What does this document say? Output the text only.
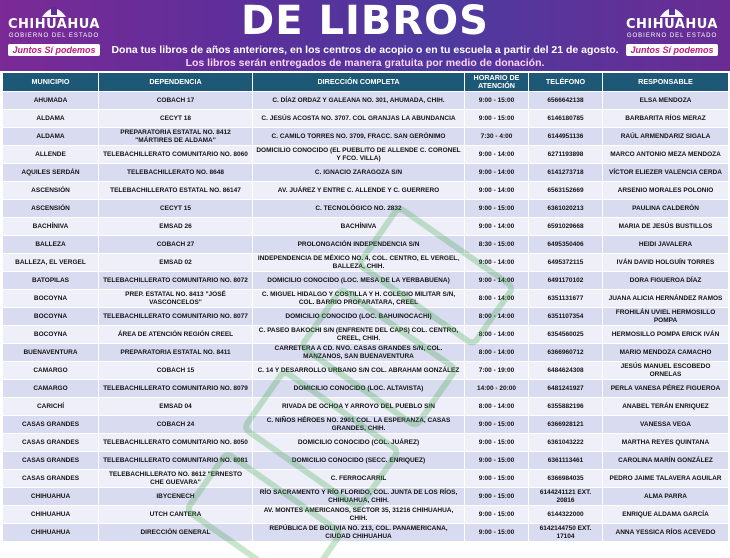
CHIHUAHUA
GOBIERNO DEL ESTADO
Juntos Sí podemos
DE LIBROS
Dona tus libros de años anteriores, en los centros de acopio o en tu escuela a partir del 21 de agosto.
Los libros serán entregados de manera gratuita por medio de donación.
CHIHUAHUA
GOBIERNO DEL ESTADO
Juntos Sí podemos
MUNICIPIO	DEPENDENCIA	DIRECCIÓN COMPLETA	HORARIO DE ATENCIÓN	TELÉFONO	RESPONSABLE
AHUMADA	COBACH 17	C. DÍAZ ORDAZ Y GALEANA NO. 301, AHUMADA, CHIH.	9:00 - 15:00	6566642138	ELSA MENDOZA
ALDAMA	CECYT 18	C. JESÚS ACOSTA NO. 3707. COL GRANJAS LA ABUNDANCIA	9:00 - 15:00	6146180785	BARBARITA RÍOS MERAZ
ALDAMA	PREPARATORIA ESTATAL NO. 8412 "MÁRTIRES DE ALDAMA"	C. CAMILO TORRES NO. 3709, FRACC. SAN GERÓNIMO	7:30 - 4:00	6144951136	RAÚL ARMENDARIZ SIGALA
ALLENDE	TELEBACHILLERATO COMUNITARIO NO. 8060	DOMICILIO CONOCIDO (EL PUEBLITO DE ALLENDE C. CORONEL Y FCO. VILLA)	9:00 - 14:00	6271193898	MARCO ANTONIO MEZA MENDOZA
AQUILES SERDÁN	TELEBACHILLERATO NO. 8648	C. IGNACIO ZARAGOZA S/N	9:00 - 14:00	6141273718	VÍCTOR ELIEZER VALENCIA CERDA
ASCENSIÓN	TELEBACHILLERATO ESTATAL NO. 86147	AV. JUÁREZ Y ENTRE C. ALLENDE Y C. GUERRERO	9:00 - 14:00	6563152669	ARSENIO MORALES POLONIO
ASCENSIÓN	CECYT 15	C. TECNOLÓGICO NO. 2832	9:00 - 15:00	6361020213	PAULINA CALDERÓN
BACHÍNIVA	EMSAD 26	BACHÍNIVA	9:00 - 14:00	6591029668	MARIA DE JESÚS BUSTILLOS
BALLEZA	COBACH 27	PROLONGACIÓN INDEPENDENCIA S/N	8:30 - 15:00	6495350406	HEIDI JAVALERA
BALLEZA, EL VERGEL	EMSAD 02	INDEPENDENCIA DE MÉXICO NO. 4, COL. CENTRO, EL VERGEL, BALLEZA, CHIH.	9:00 - 14:00	6495372115	IVÁN DAVID HOLGUÍN TORRES
BATOPILAS	TELEBACHILLERATO COMUNITARIO NO. 8072	DOMICILIO CONOCIDO (LOC. MESA DE LA YERBABUENA)	9:00 - 14:00	6491170102	DORA FIGUEROA DÍAZ
BOCOYNA	PREP. ESTATAL NO. 8413 "JOSÉ VASCONCELOS"	C. MIGUEL HIDALGO Y COSTILLA Y H. COLEGIO MILITAR S/N, COL. BARRIO PROFARATARA, CREEL	8:00 - 14:00	6351131677	JUANA ALICIA HERNÁNDEZ RAMOS
BOCOYNA	TELEBACHILLERATO COMUNITARIO NO. 8077	DOMICILIO CONOCIDO (LOC. BAHUINOCACHI)	8:00 - 14:00	6351107354	FROHILÁN UVIEL HERMOSILLO POMPA
BOCOYNA	ÁREA DE ATENCIÓN REGIÓN CREEL	C. PASEO BAKOCHI S/N (ENFRENTE DEL CAPS) COL. CENTRO, CREEL, CHIH.	8:00 - 14:00	6354560025	HERMOSILLO POMPA ERICK IVÁN
BUENAVENTURA	PREPARATORIA ESTATAL NO. 8411	CARRETERA A CD. NVO. CASAS GRANDES S/N, COL. MANZANOS, SAN BUENAVENTURA	8:00 - 14:00	6366960712	MARIO MENDOZA CAMACHO
CAMARGO	COBACH 15	C. 14 Y DESARROLLO URBANO S/N COL. ABRAHAM GONZÁLEZ	7:00 - 19:00	6484624308	JESÚS MANUEL ESCOBEDO ORNELAS
CAMARGO	TELEBACHILLERATO COMUNITARIO NO. 8079	DOMICILIO CONOCIDO (LOC. ALTAVISTA)	14:00 - 20:00	6481241927	PERLA VANESA PÉREZ FIGUEROA
CARICHÍ	EMSAD 04	RIVADA DE OCHOA Y ARROYO DEL PUEBLO S/N	8:00 - 14:00	6355882196	ANABEL TERÁN ENRIQUEZ
CASAS GRANDES	COBACH 24	C. NIÑOS HÉROES NO. 2901 COL. LA ESPERANZA, CASAS GRANDES, CHIH.	9:00 - 15:00	6366928121	VANESSA VEGA
CASAS GRANDES	TELEBACHILLERATO COMUNITARIO NO. 8050	DOMICILIO CONOCIDO (COL. JUÁREZ)	9:00 - 15:00	6361043222	MARTHA REYES QUINTANA
CASAS GRANDES	TELEBACHILLERATO COMUNITARIO NO. 8081	DOMICILIO CONOCIDO (SECC. ENRIQUEZ)	9:00 - 15:00	6361113461	CAROLINA MARÍN GONZÁLEZ
CASAS GRANDES	TELEBACHILLERATO NO. 8612 "ERNESTO CHE GUEVARA"	C. FERROCARRIL	9:00 - 15:00	6366984035	PEDRO JAIME TALAVERA AGUILAR
CHIHUAHUA	IBYCENECH	RÍO SACRAMENTO Y RÍO FLORIDO, COL. JUNTA DE LOS RÍOS, CHIHUAHUA, CHIH.	9:00 - 15:00	6144241121 EXT. 20816	ALMA PARRA
CHIHUAHUA	UTCH CANTERA	AV. MONTES AMERICANOS, SECTOR 35, 31216 CHIHUAHUA, CHIH.	9:00 - 15:00	6144322000	ENRIQUE ALDAMA GARCÍA
CHIHUAHUA	DIRECCIÓN GENERAL	REPÚBLICA DE BOLIVIA NO. 213, COL. PANAMERICANA, CIUDAD CHIHUAHUA	9:00 - 15:00	6142144750 EXT. 17104	ANNA YESSICA RÍOS ACEVEDO
